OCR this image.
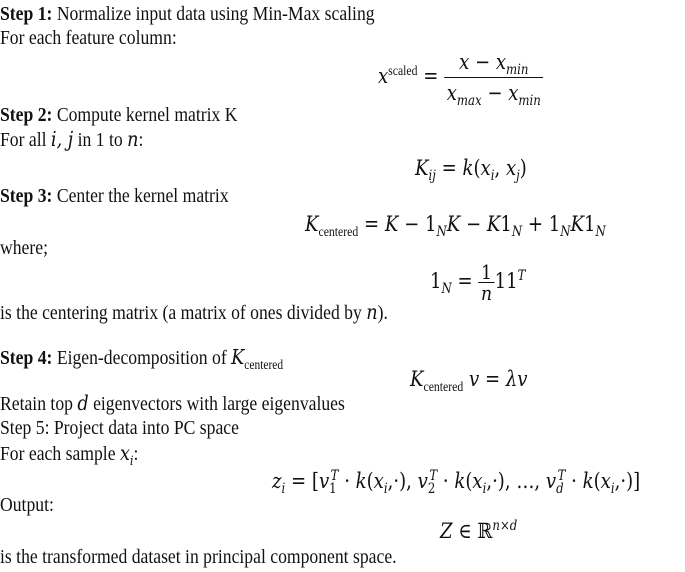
Step 1: Normalize input data using Min-Max scaling
For each feature column:
$x^{scaled} = \frac{x - x_{min}}{x_{max} - x_{min}}$
Step 2: Compute kernel matrix K
For all i, j in 1 to n:
$K_{ij} = k(x_i$, $x_j$)
Step 3: Center the kernel matrix
$K_{centered} = K - 1_NK - K1_N + 1_NK1_N$
where;
$1_N = \frac{1}{n} 11^T$
is the centering matrix (a matrix of ones divided by n).
Step 4: Eigen-decomposition of $K_{centered}$
$K_{centered}$ v = λv
Retain top d eigenvectors with large eigenvalues
Step 5: Project data into PC space
For each sample $x_i$:
$z_i = [v_1^T \cdot k(x_i,\cdot)$, $v_2^T \cdot k(x_i,\cdot)$, …, $v_d^T \cdot k(x_i,\cdot)$]
Output:
Z ∈ ℝ$^{n\times d}$
is the transformed dataset in principal component space.
